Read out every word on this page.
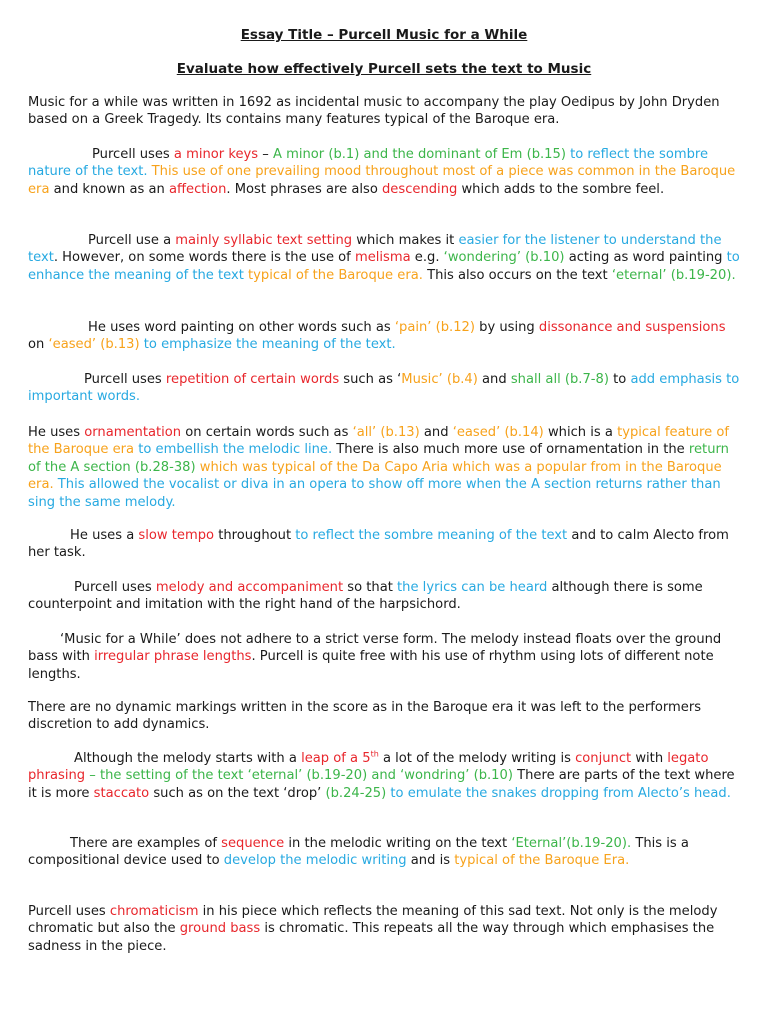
Essay Title – Purcell Music for a While
Evaluate how effectively Purcell sets the text to Music

Music for a while was written in 1692 as incidental music to accompany the play Oedipus by John Dryden based on a Greek Tragedy. Its contains many features typical of the Baroque era.

Purcell uses a minor keys – A minor (b.1) and the dominant of Em (b.15) to reflect the sombre nature of the text. This use of one prevailing mood throughout most of a piece was common in the Baroque era and known as an affection. Most phrases are also descending which adds to the sombre feel.

Purcell use a mainly syllabic text setting which makes it easier for the listener to understand the text. However, on some words there is the use of melisma e.g. ‘wondering’ (b.10) acting as word painting to enhance the meaning of the text typical of the Baroque era. This also occurs on the text ‘eternal’ (b.19-20).

He uses word painting on other words such as ‘pain’ (b.12) by using dissonance and suspensions on ‘eased’ (b.13) to emphasize the meaning of the text.

Purcell uses repetition of certain words such as ‘Music’ (b.4) and shall all (b.7-8) to add emphasis to important words.

He uses ornamentation on certain words such as ‘all’ (b.13) and ‘eased’ (b.14) which is a typical feature of the Baroque era to embellish the melodic line. There is also much more use of ornamentation in the return of the A section (b.28-38) which was typical of the Da Capo Aria which was a popular from in the Baroque era. This allowed the vocalist or diva in an opera to show off more when the A section returns rather than sing the same melody.

He uses a slow tempo throughout to reflect the sombre meaning of the text and to calm Alecto from her task.

Purcell uses melody and accompaniment so that the lyrics can be heard although there is some counterpoint and imitation with the right hand of the harpsichord.

‘Music for a While’ does not adhere to a strict verse form. The melody instead floats over the ground bass with irregular phrase lengths. Purcell is quite free with his use of rhythm using lots of different note lengths.

There are no dynamic markings written in the score as in the Baroque era it was left to the performers discretion to add dynamics.

Although the melody starts with a leap of a 5th a lot of the melody writing is conjunct with legato phrasing – the setting of the text ‘eternal’ (b.19-20) and ‘wondring’ (b.10) There are parts of the text where it is more staccato such as on the text ‘drop’ (b.24-25) to emulate the snakes dropping from Alecto’s head.

There are examples of sequence in the melodic writing on the text ‘Eternal’(b.19-20). This is a compositional device used to develop the melodic writing and is typical of the Baroque Era.

Purcell uses chromaticism in his piece which reflects the meaning of this sad text. Not only is the melody chromatic but also the ground bass is chromatic. This repeats all the way through which emphasises the sadness in the piece.
